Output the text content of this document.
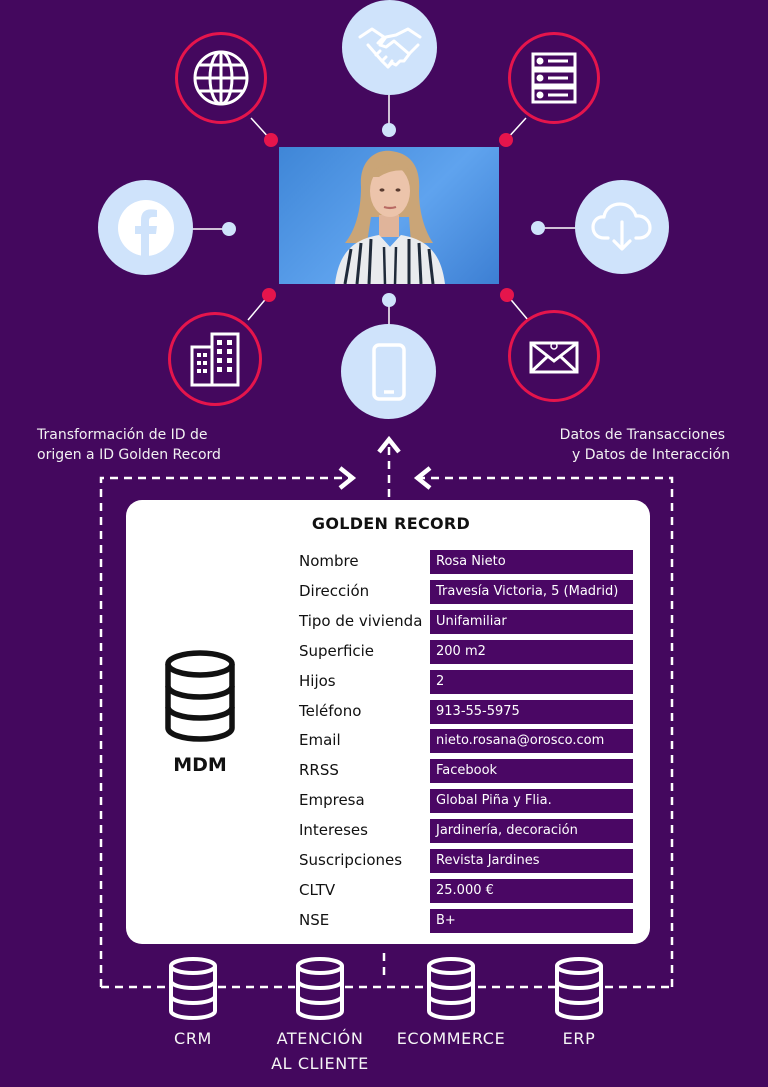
Transformación de ID de
origen a ID Golden Record
Datos de Transacciones
y Datos de Interacción
GOLDEN RECORD
MDM
Nombre	Rosa Nieto
Dirección	Travesía Victoria, 5 (Madrid)
Tipo de vivienda	Unifamiliar
Superficie	200 m2
Hijos	2
Teléfono	913-55-5975
Email	nieto.rosana@orosco.com
RRSS	Facebook
Empresa	Global Piña y Flia.
Intereses	Jardinería, decoración
Suscripciones	Revista Jardines
CLTV	25.000 €
NSE	B+
CRM	ATENCIÓN
AL CLIENTE
ECOMMERCE	ERP
